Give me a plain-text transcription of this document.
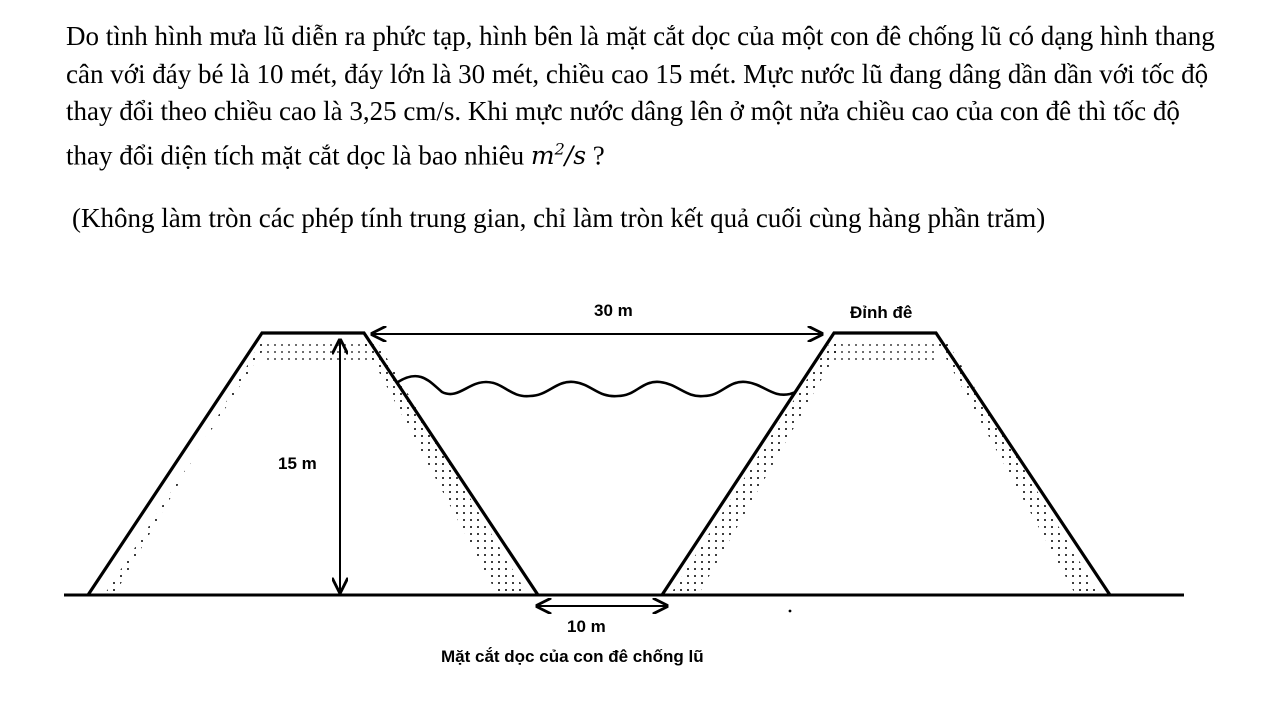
Do tình hình mưa lũ diễn ra phức tạp, hình bên là mặt cắt dọc của một con đê chống lũ có dạng hình thang cân với đáy bé là 10 mét, đáy lớn là 30 mét, chiều cao 15 mét. Mực nước lũ đang dâng dần dần với tốc độ thay đổi theo chiều cao là 3,25 cm/s. Khi mực nước dâng lên ở một nửa chiều cao của con đê thì tốc độ thay đổi diện tích mặt cắt dọc là bao nhiêu $m^2/s$ ?

(Không làm tròn các phép tính trung gian, chỉ làm tròn kết quả cuối cùng hàng phần trăm)
30 m	Đỉnh đê
15 m
10 m
Mặt cắt dọc của con đê chống lũ
